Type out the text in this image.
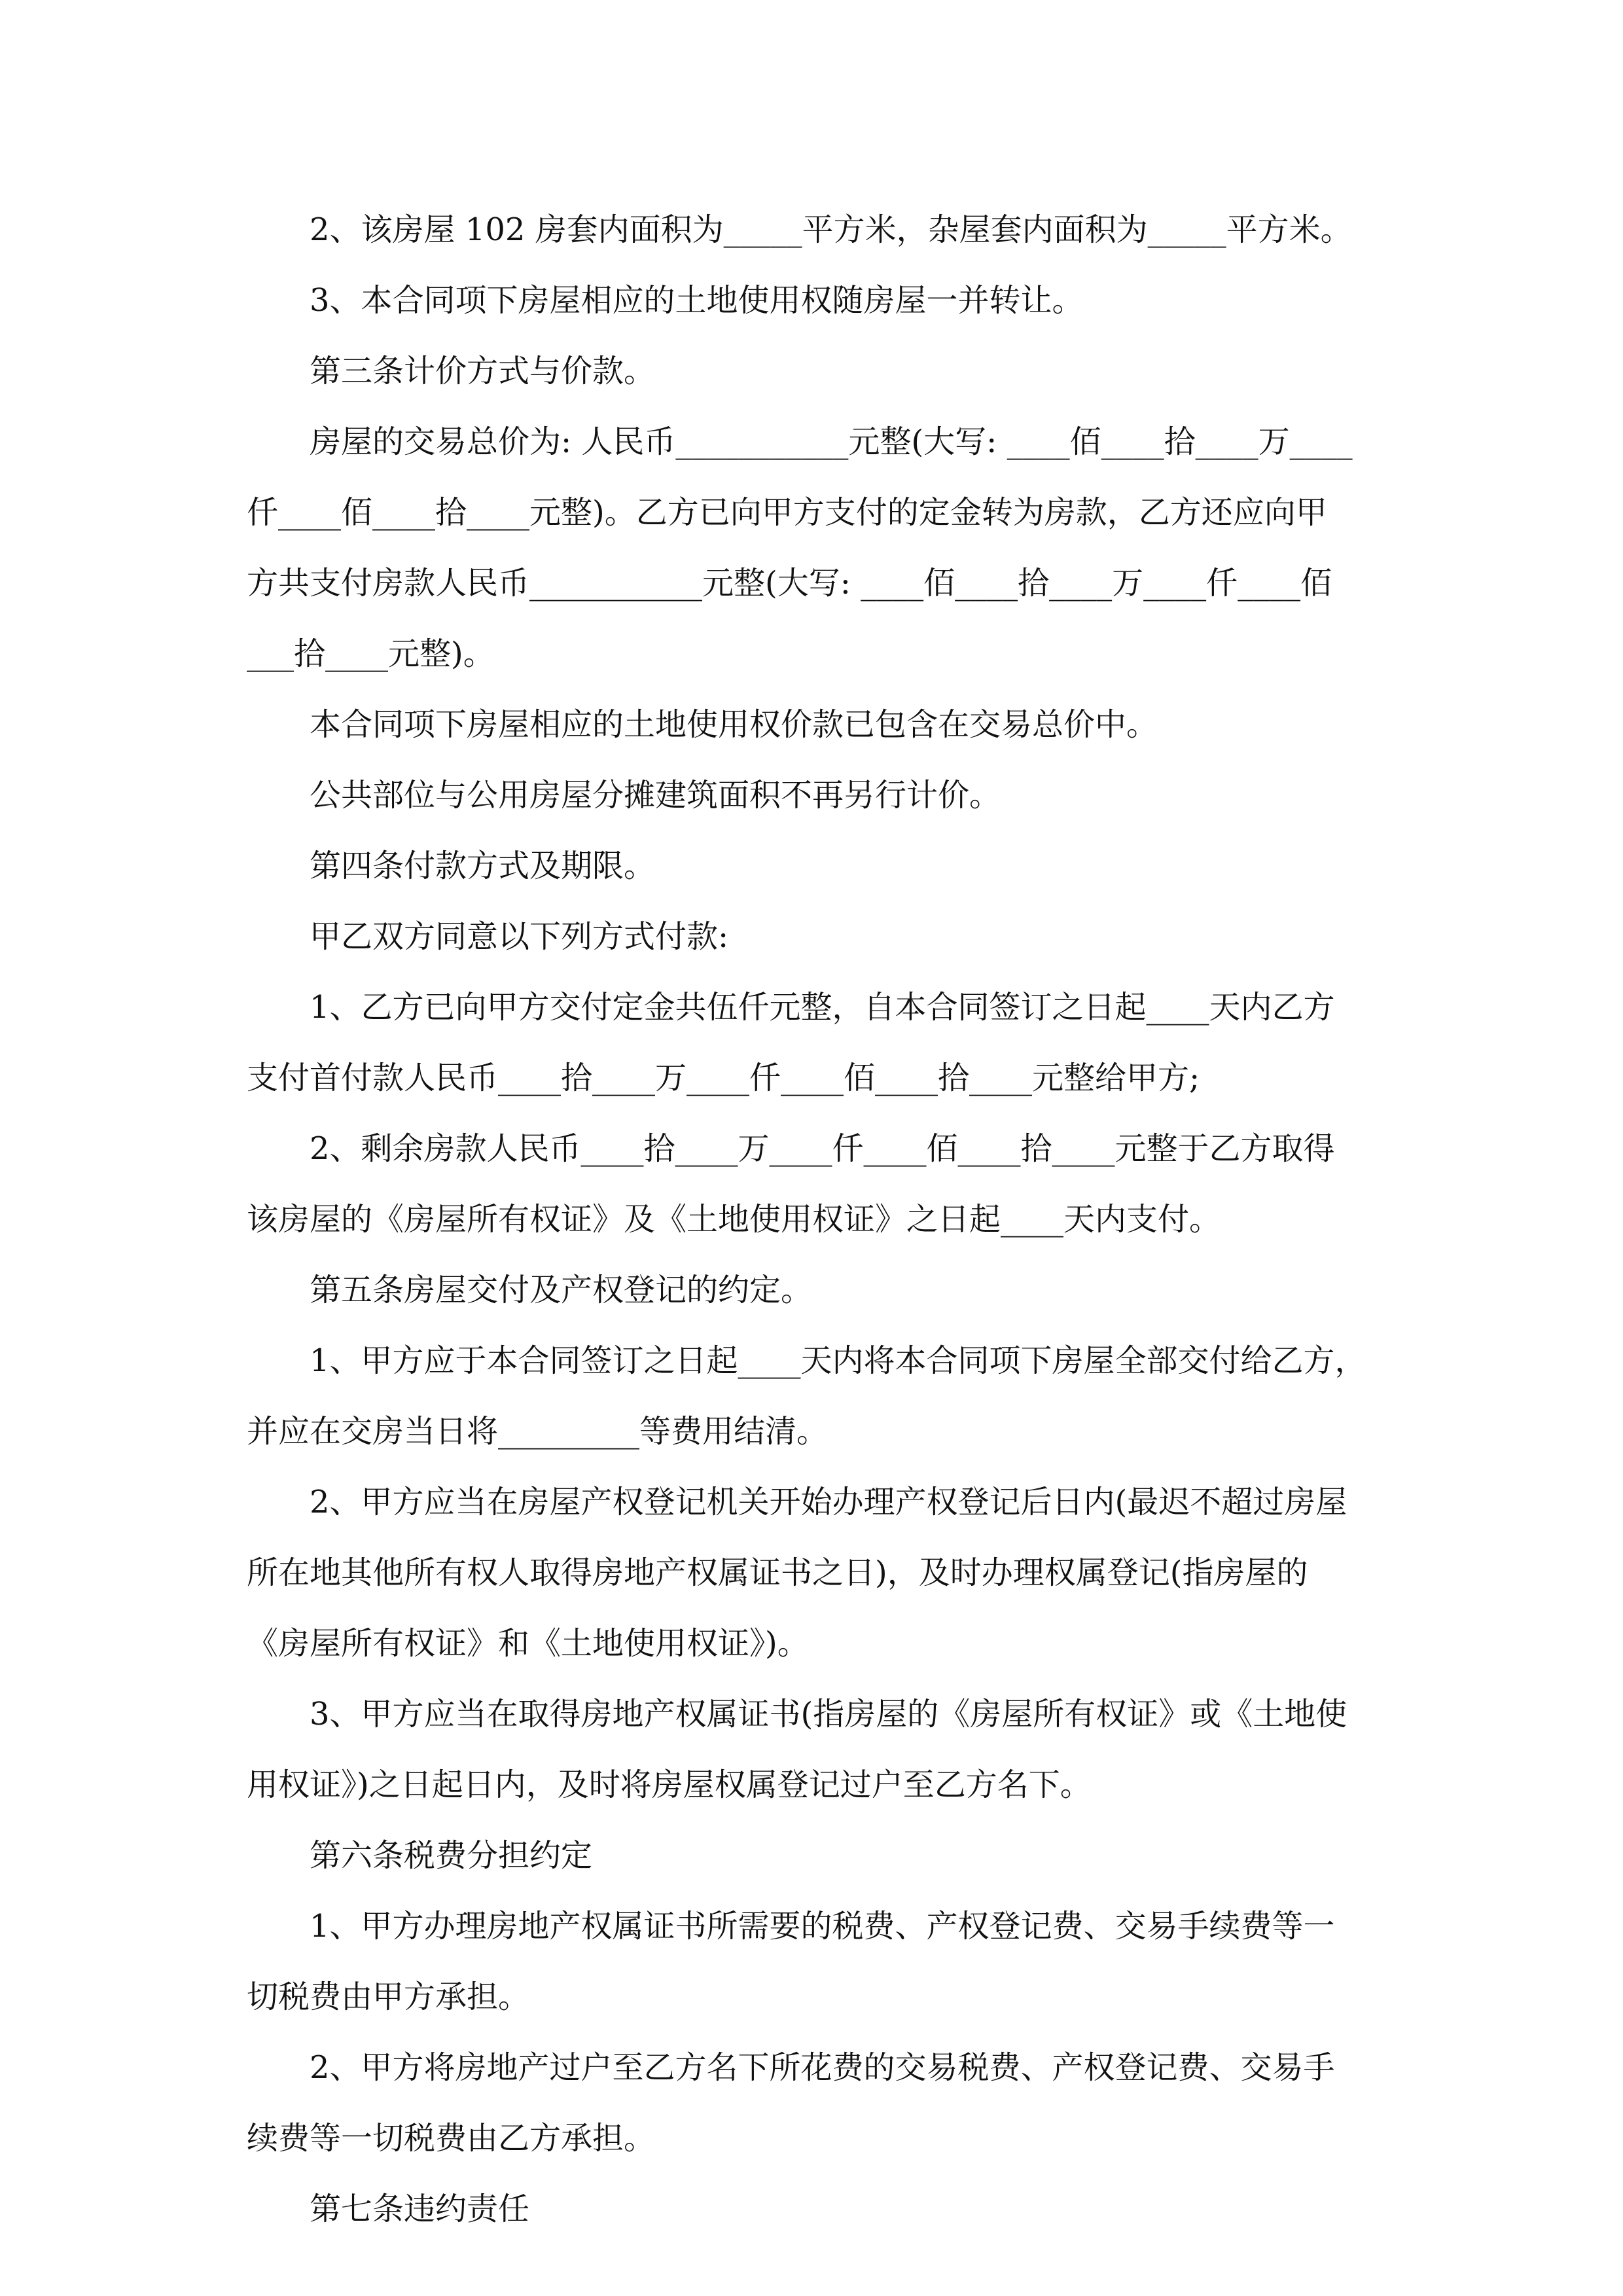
2、该房屋 102 房套内面积为_____平方米，杂屋套内面积为_____平方米。
3、本合同项下房屋相应的土地使用权随房屋一并转让。
第三条计价方式与价款。
房屋的交易总价为: 人民币___________元整(大写: ____佰____拾____万____
仟____佰____拾____元整)。乙方已向甲方支付的定金转为房款，乙方还应向甲
方共支付房款人民币___________元整(大写: ____佰____拾____万____仟____佰
___拾____元整)。
本合同项下房屋相应的土地使用权价款已包含在交易总价中。
公共部位与公用房屋分摊建筑面积不再另行计价。
第四条付款方式及期限。
甲乙双方同意以下列方式付款:
1、乙方已向甲方交付定金共伍仟元整，自本合同签订之日起____天内乙方
支付首付款人民币____拾____万____仟____佰____拾____元整给甲方;
2、剩余房款人民币____拾____万____仟____佰____拾____元整于乙方取得
该房屋的《房屋所有权证》及《土地使用权证》之日起____天内支付。
第五条房屋交付及产权登记的约定。
1、甲方应于本合同签订之日起____天内将本合同项下房屋全部交付给乙方，
并应在交房当日将_________等费用结清。
2、甲方应当在房屋产权登记机关开始办理产权登记后日内(最迟不超过房屋
所在地其他所有权人取得房地产权属证书之日)，及时办理权属登记(指房屋的
《房屋所有权证》和《土地使用权证》)。
3、甲方应当在取得房地产权属证书(指房屋的《房屋所有权证》或《土地使
用权证》)之日起日内，及时将房屋权属登记过户至乙方名下。
第六条税费分担约定
1、甲方办理房地产权属证书所需要的税费、产权登记费、交易手续费等一
切税费由甲方承担。
2、甲方将房地产过户至乙方名下所花费的交易税费、产权登记费、交易手
续费等一切税费由乙方承担。
第七条违约责任
